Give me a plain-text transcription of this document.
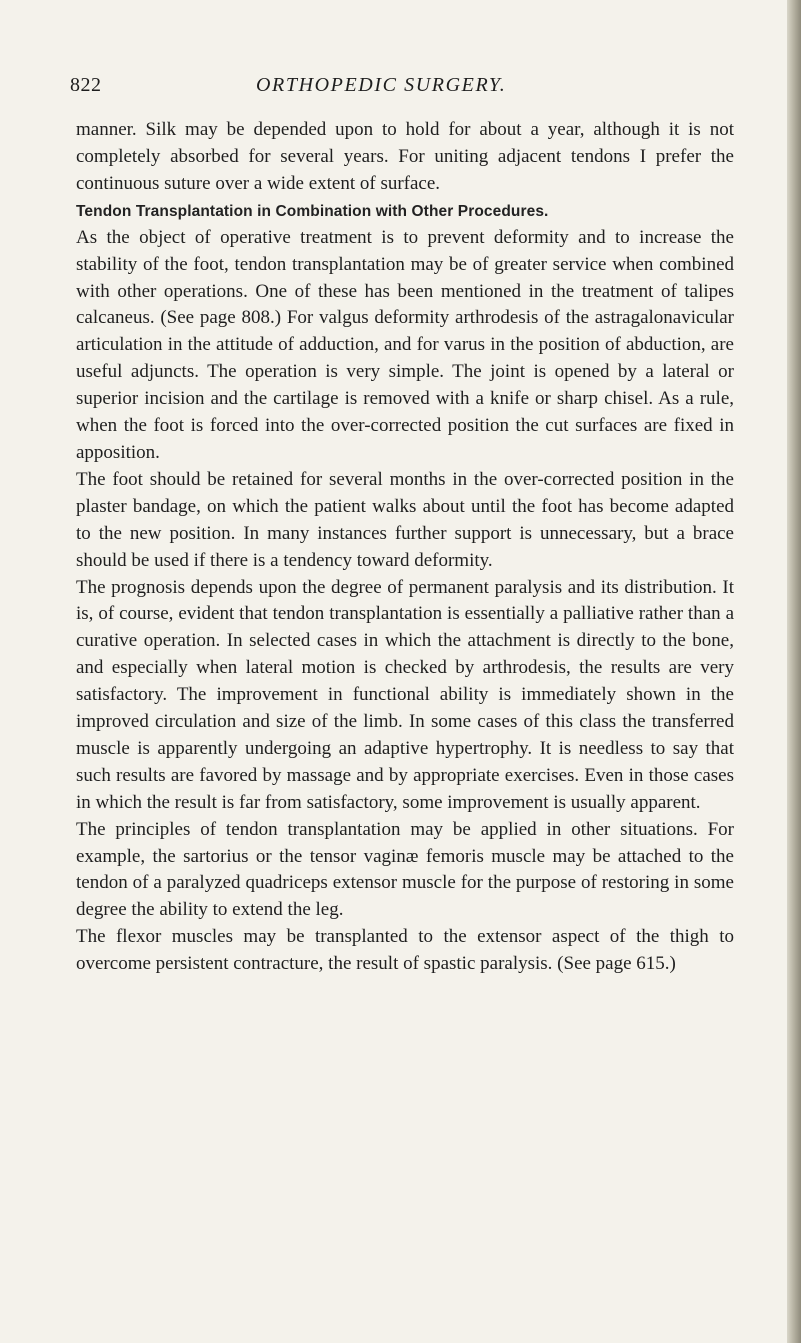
822	ORTHOPEDIC SURGERY.

manner. Silk may be depended upon to hold for about a year, although it is not completely absorbed for several years. For uniting adjacent tendons I prefer the continuous suture over a wide extent of surface.

Tendon Transplantation in Combination with Other Procedures.

As the object of operative treatment is to prevent deformity and to increase the stability of the foot, tendon transplantation may be of greater service when combined with other operations. One of these has been mentioned in the treatment of talipes calcaneus. (See page 808.) For valgus deformity arthrodesis of the astragalonavicular articulation in the attitude of adduction, and for varus in the position of abduction, are useful adjuncts. The operation is very simple. The joint is opened by a lateral or superior incision and the cartilage is removed with a knife or sharp chisel. As a rule, when the foot is forced into the over-corrected position the cut surfaces are fixed in apposition.

The foot should be retained for several months in the over-corrected position in the plaster bandage, on which the patient walks about until the foot has become adapted to the new position. In many instances further support is unnecessary, but a brace should be used if there is a tendency toward deformity.

The prognosis depends upon the degree of permanent paralysis and its distribution. It is, of course, evident that tendon transplantation is essentially a palliative rather than a curative operation. In selected cases in which the attachment is directly to the bone, and especially when lateral motion is checked by arthrodesis, the results are very satisfactory. The improvement in functional ability is immediately shown in the improved circulation and size of the limb. In some cases of this class the transferred muscle is apparently undergoing an adaptive hypertrophy. It is needless to say that such results are favored by massage and by appropriate exercises. Even in those cases in which the result is far from satisfactory, some improvement is usually apparent.

The principles of tendon transplantation may be applied in other situations. For example, the sartorius or the tensor vaginæ femoris muscle may be attached to the tendon of a paralyzed quadriceps extensor muscle for the purpose of restoring in some degree the ability to extend the leg.

The flexor muscles may be transplanted to the extensor aspect of the thigh to overcome persistent contracture, the result of spastic paralysis. (See page 615.)
